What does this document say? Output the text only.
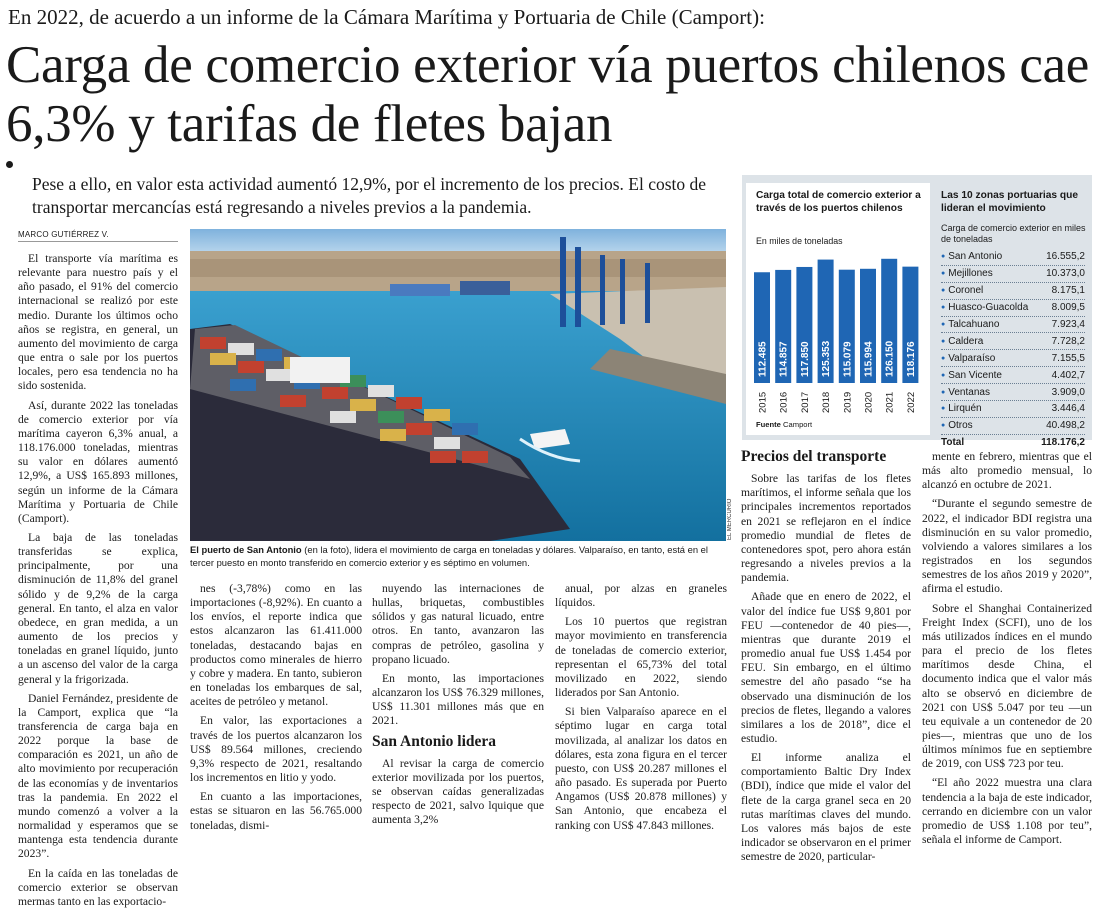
En 2022, de acuerdo a un informe de la Cámara Marítima y Portuaria de Chile (Camport):
Carga de comercio exterior vía puertos chilenos cae 6,3% y tarifas de fletes bajan
Pese a ello, en valor esta actividad aumentó 12,9%, por el incremento de los precios. El costo de transportar mercancías está regresando a niveles previos a la pandemia.
MARCO GUTIÉRREZ V.

El transporte vía marítima es relevante para nuestro país y el año pasado, el 91% del comercio internacional se realizó por este medio. Durante los últimos ocho años se registra, en general, un aumento del movimiento de carga que entra o sale por los puertos locales, pero esa tendencia no ha sido sostenida.

Así, durante 2022 las toneladas de comercio exterior por vía marítima cayeron 6,3% anual, a 118.176.000 toneladas, mientras su valor en dólares aumentó 12,9%, a US$ 165.893 millones, según un informe de la Cámara Marítima y Portuaria de Chile (Camport).

La baja de las toneladas transferidas se explica, principalmente, por una disminución de 11,8% del granel sólido y de 9,2% de la carga general. En tanto, el alza en valor obedece, en gran medida, a un aumento de los precios y toneladas en granel líquido, junto a un ascenso del valor de la carga general y la frigorizada.

Daniel Fernández, presidente de la Camport, explica que “la transferencia de carga baja en 2022 porque la base de comparación es 2021, un año de alto movimiento por recuperación de las economías y de inventarios tras la pandemia. En 2022 el mundo comenzó a volver a la normalidad y esperamos que se mantenga esta tendencia durante 2023”.

En la caída en las toneladas de comercio exterior se observan mermas tanto en las exportacio-

EL MERCURIO
El puerto de San Antonio (en la foto), lidera el movimiento de carga en toneladas y dólares. Valparaíso, en tanto, está en el tercer puesto en monto transferido en comercio exterior y es séptimo en volumen.

nes (-3,78%) como en las importaciones (-8,92%). En cuanto a los envíos, el reporte indica que estos alcanzaron las 61.411.000 toneladas, destacando bajas en productos como minerales de hierro y cobre y madera. En tanto, subieron en toneladas los embarques de sal, aceites de petróleo y metanol.

En valor, las exportaciones a través de los puertos alcanzaron los US$ 89.564 millones, creciendo 9,3% respecto de 2021, resaltando los incrementos en litio y yodo.

En cuanto a las importaciones, estas se situaron en las 56.765.000 toneladas, dismi-

nuyendo las internaciones de hullas, briquetas, combustibles sólidos y gas natural licuado, entre otros. En tanto, avanzaron las compras de petróleo, gasolina y propano licuado.

En monto, las importaciones alcanzaron los US$ 76.329 millones, US$ 11.301 millones más que en 2021.

San Antonio lidera

Al revisar la carga de comercio exterior movilizada por los puertos, se observan caídas generalizadas respecto de 2021, salvo lquique que aumenta 3,2%

anual, por alzas en graneles líquidos.

Los 10 puertos que registran mayor movimiento en transferencia de toneladas de comercio exterior, representan el 65,73% del total movilizado en 2022, siendo liderados por San Antonio.

Si bien Valparaíso aparece en el séptimo lugar en carga total movilizada, al analizar los datos en dólares, esta zona figura en el tercer puesto, con US$ 20.287 millones el año pasado. Es superada por Puerto Angamos (US$ 20.878 millones) y San Antonio, que encabeza el ranking con US$ 47.843 millones.

Carga total de comercio exterior a través de los puertos chilenos
En miles de toneladas
112.485
2015
114.857
2016
117.850
2017
125.353
2018
115.079
2019
115.994
2020
126.150
2021
118.176
2022
Fuente Camport
Las 10 zonas portuarias que lideran el movimiento
Carga de comercio exterior en miles de toneladas
● San Antonio	16.555,2
● Mejillones	10.373,0
● Coronel	8.175,1
● Huasco-Guacolda 8.009,5
● Talcahuano	7.923,4
● Caldera	7.728,2
● Valparaíso	7.155,5
● San Vicente	4.402,7
● Ventanas	3.909,0
● Lirquén	3.446,4
● Otros	40.498,2
Total	118.176,2
Precios del transporte

Sobre las tarifas de los fletes marítimos, el informe señala que los principales incrementos reportados en 2021 se reflejaron en el índice promedio mundial de fletes de contenedores spot, pero ahora están regresando a niveles previos a la pandemia.

Añade que en enero de 2022, el valor del índice fue US$ 9,801 por FEU —contenedor de 40 pies—, mientras que durante 2019 el promedio anual fue US$ 1.454 por FEU. Sin embargo, en el último semestre del año pasado “se ha observado una disminución de los precios de fletes, llegando a valores similares a los de 2018”, dice el estudio.

El informe analiza el comportamiento Baltic Dry Index (BDI), índice que mide el valor del flete de la carga granel seca en 20 rutas marítimas claves del mundo. Los valores más bajos de este indicador se observaron en el primer semestre de 2020, particular-

mente en febrero, mientras que el más alto promedio mensual, lo alcanzó en octubre de 2021.

“Durante el segundo semestre de 2022, el indicador BDI registra una disminución en su valor promedio, volviendo a valores similares a los registrados en los segundos semestres de los años 2019 y 2020”, afirma el estudio.

Sobre el Shanghai Containerized Freight Index (SCFI), uno de los más utilizados índices en el mundo para el precio de los fletes marítimos desde China, el documento indica que el valor más alto se observó en diciembre de 2021 con US$ 5.047 por teu —un teu equivale a un contenedor de 20 pies—, mientras que uno de los últimos mínimos fue en septiembre de 2019, con US$ 723 por teu.

“El año 2022 muestra una clara tendencia a la baja de este indicador, cerrando en diciembre con un valor promedio de US$ 1.108 por teu”, señala el informe de Camport.
